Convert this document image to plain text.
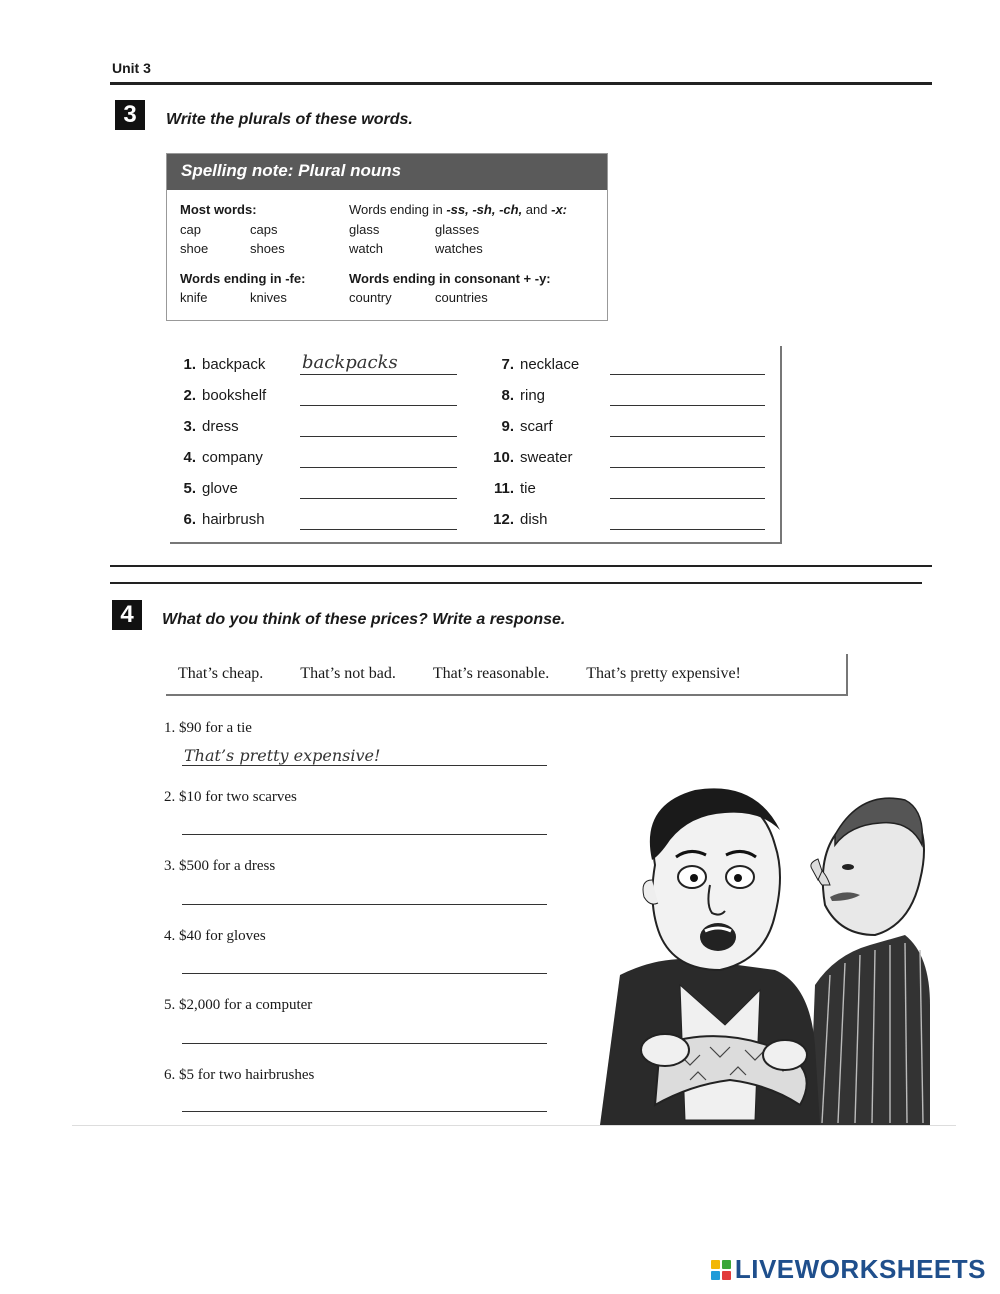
Unit 3
3	Write the plurals of these words.
Spelling note: Plural nouns
Most words:
cap	caps
shoe	shoes
Words ending in -ss, -sh, -ch, and -x:
glass	glasses
watch	watches
Words ending in -fe:
knife	knives
Words ending in consonant + -y:
country	countries
1. backpack backpacks
2. bookshelf
3. dress
4. company
5. glove
6. hairbrush
7. necklace
8. ring
9. scarf
10. sweater
11. tie
12. dish
4	What do you think of these prices? Write a response.
That’s cheap. That’s not bad. That’s reasonable. That’s pretty expensive!
1. $90 for a tie
That’s pretty expensive!
2. $10 for two scarves
3. $500 for a dress
4. $40 for gloves
5. $2,000 for a computer
6. $5 for two hairbrushes
LIVEWORKSHEETS
